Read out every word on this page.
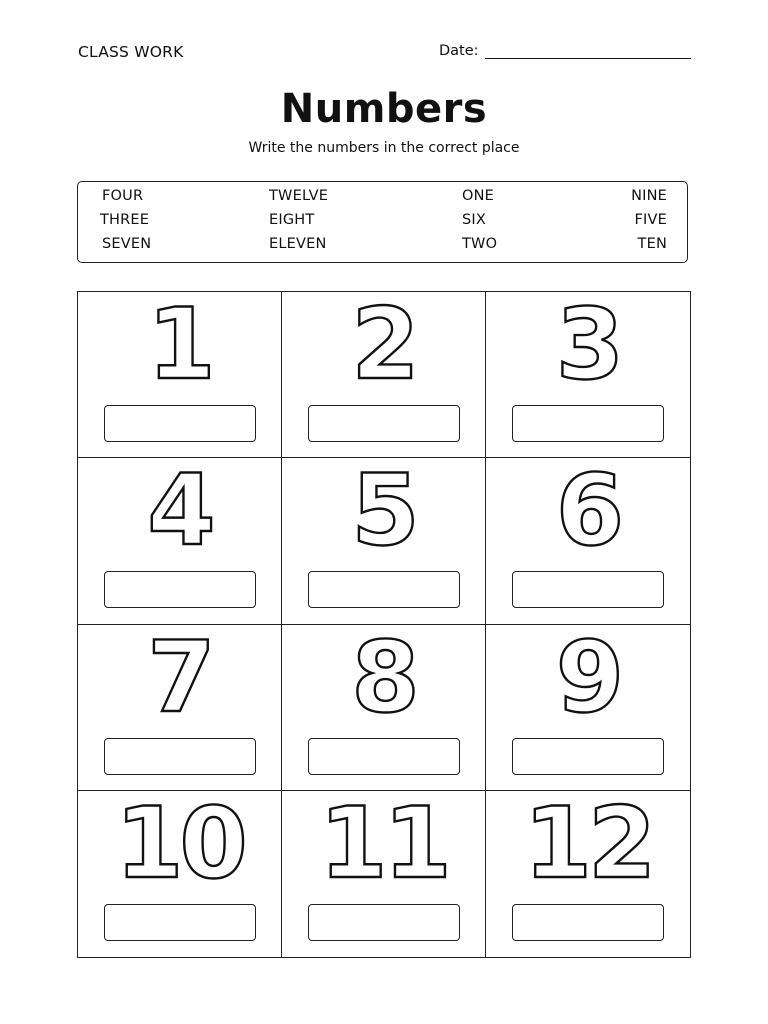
CLASS WORK	Date:
Numbers
Write the numbers in the correct place
FOUR	TWELVE	ONE	NINE
THREE	EIGHT	SIX	FIVE
SEVEN	ELEVEN	TWO	TEN
1	2	3
4	5	6
7	8	9
10 11 12
